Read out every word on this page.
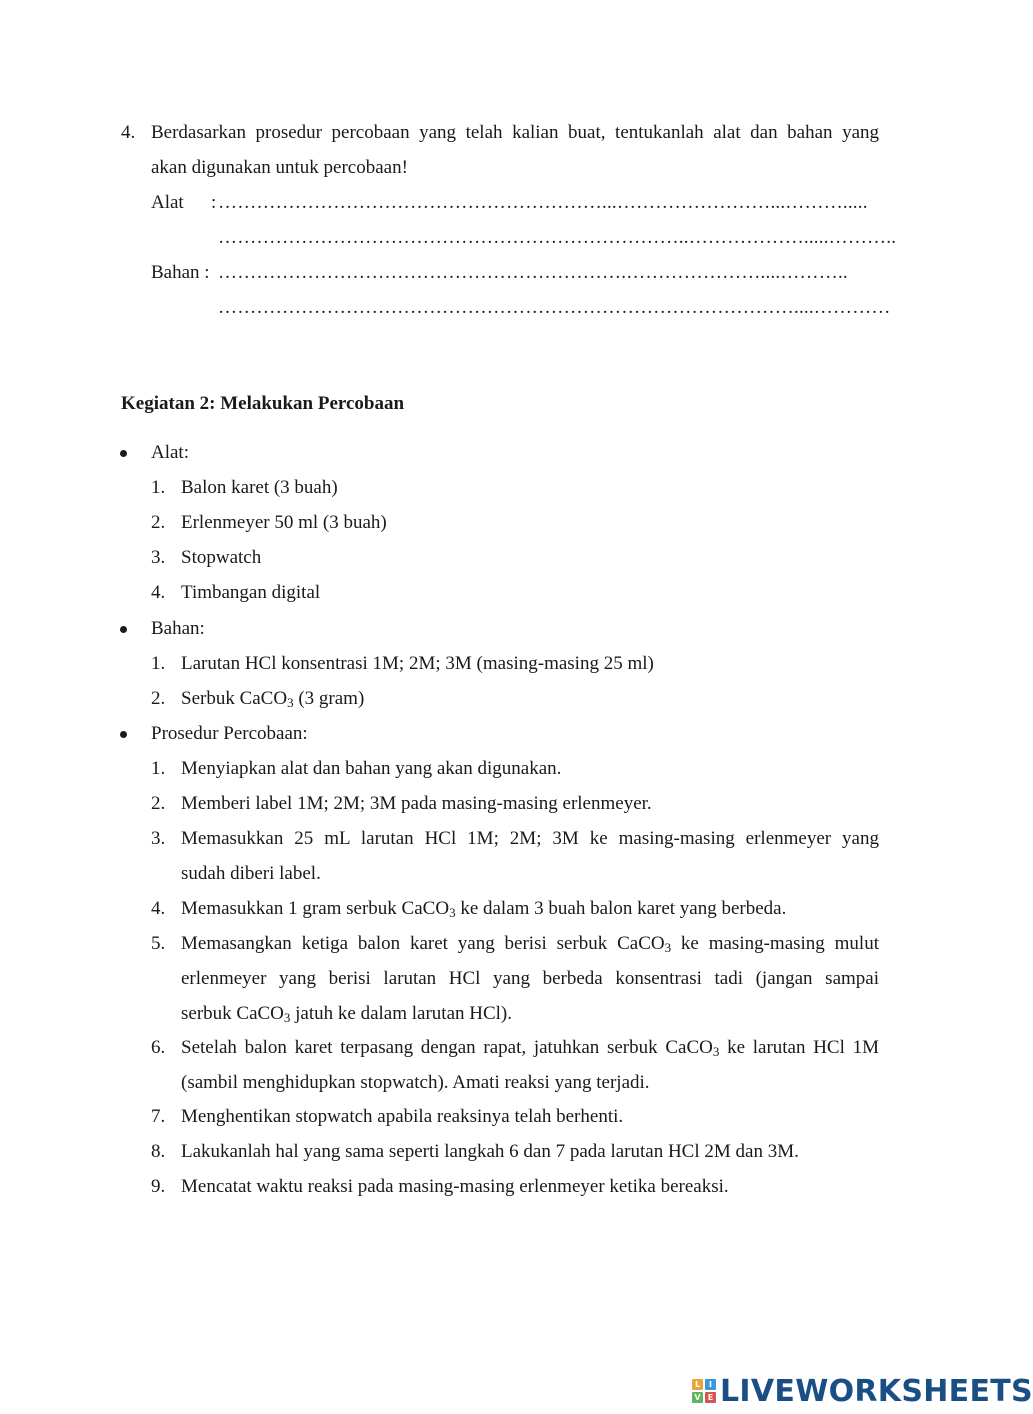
4. Berdasarkan prosedur percobaan yang telah kalian buat, tentukanlah alat dan bahan yang
akan digunakan untuk percobaan!
Alat : ……………………………………………………...……………………...……….....
………………………………………………………………..……………….....………..
Bahan : ……………………………………………………….…………………....………..
………………………………………………………………………………....…………
Kegiatan 2: Melakukan Percobaan
Alat:
1. Balon karet (3 buah)
2. Erlenmeyer 50 ml (3 buah)
3. Stopwatch
4. Timbangan digital
Bahan:
1. Larutan HCl konsentrasi 1M; 2M; 3M (masing-masing 25 ml)
2. Serbuk CaCO$_3$ (3 gram)
Prosedur Percobaan:
1. Menyiapkan alat dan bahan yang akan digunakan.
2. Memberi label 1M; 2M; 3M pada masing-masing erlenmeyer.
3. Memasukkan 25 mL larutan HCl 1M; 2M; 3M ke masing-masing erlenmeyer yang
sudah diberi label.
4. Memasukkan 1 gram serbuk CaCO$_3$ ke dalam 3 buah balon karet yang berbeda.
5. Memasangkan ketiga balon karet yang berisi serbuk CaCO$_3$ ke masing-masing mulut
erlenmeyer yang berisi larutan HCl yang berbeda konsentrasi tadi (jangan sampai
serbuk CaCO$_3$ jatuh ke dalam larutan HCl).
6. Setelah balon karet terpasang dengan rapat, jatuhkan serbuk CaCO$_3$ ke larutan HCl 1M
(sambil menghidupkan stopwatch). Amati reaksi yang terjadi.
7. Menghentikan stopwatch apabila reaksinya telah berhenti.
8. Lakukanlah hal yang sama seperti langkah 6 dan 7 pada larutan HCl 2M dan 3M.
9. Mencatat waktu reaksi pada masing-masing erlenmeyer ketika bereaksi.
L	I
V E LIVEWORKSHEETS
